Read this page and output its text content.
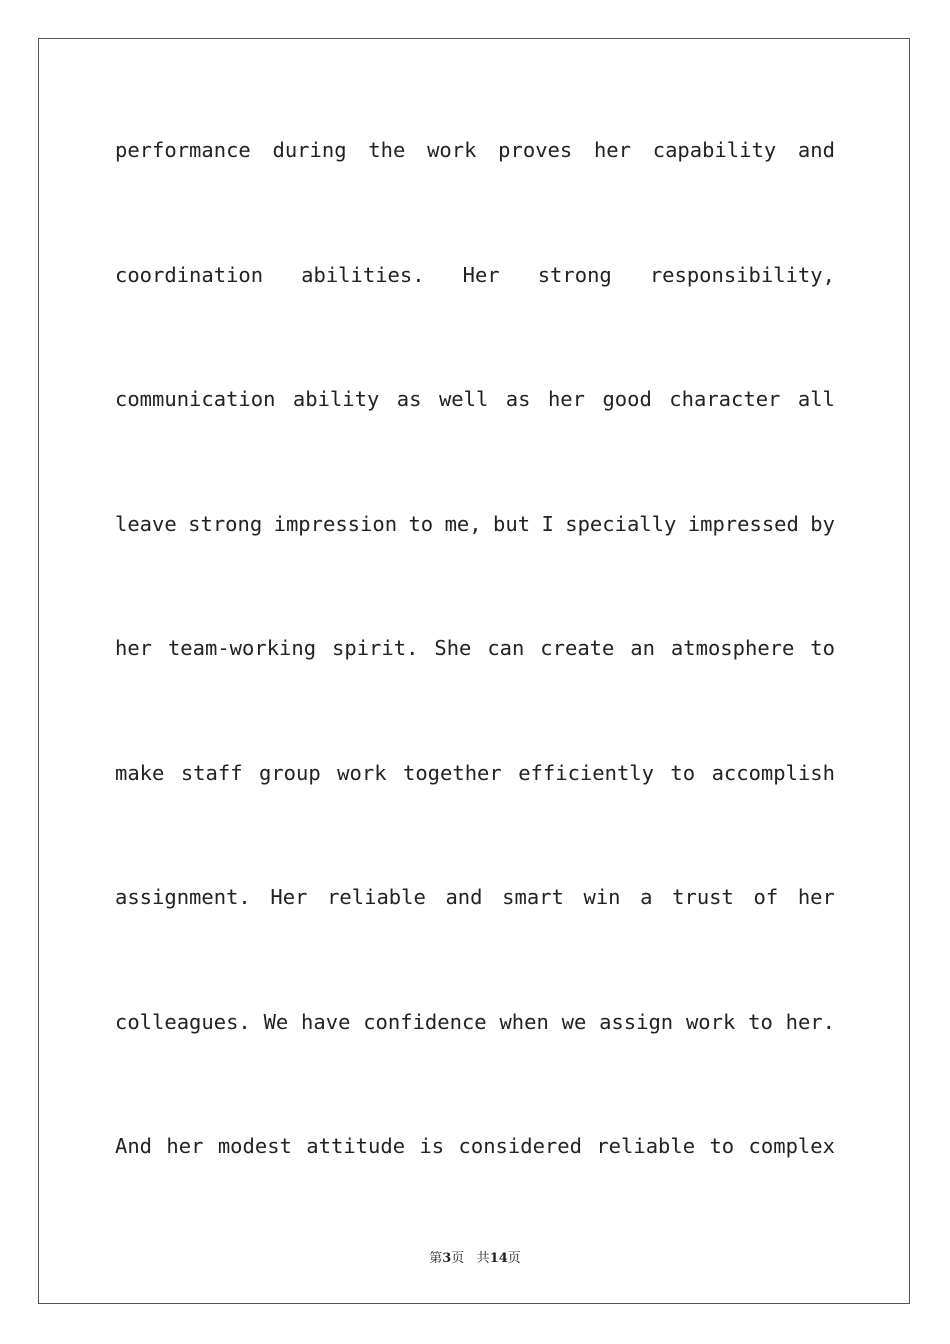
performance during the work proves her capability and
coordination abilities. Her strong responsibility,
communication ability as well as her good character all
leave strong impression to me, but I specially impressed by
her team-working spirit. She can create an atmosphere to
make staff group work together efficiently to accomplish
assignment. Her reliable and smart win a trust of her
colleagues. We have confidence when we assign work to her.
And her modest attitude is considered reliable to complex
第3页 共14页
